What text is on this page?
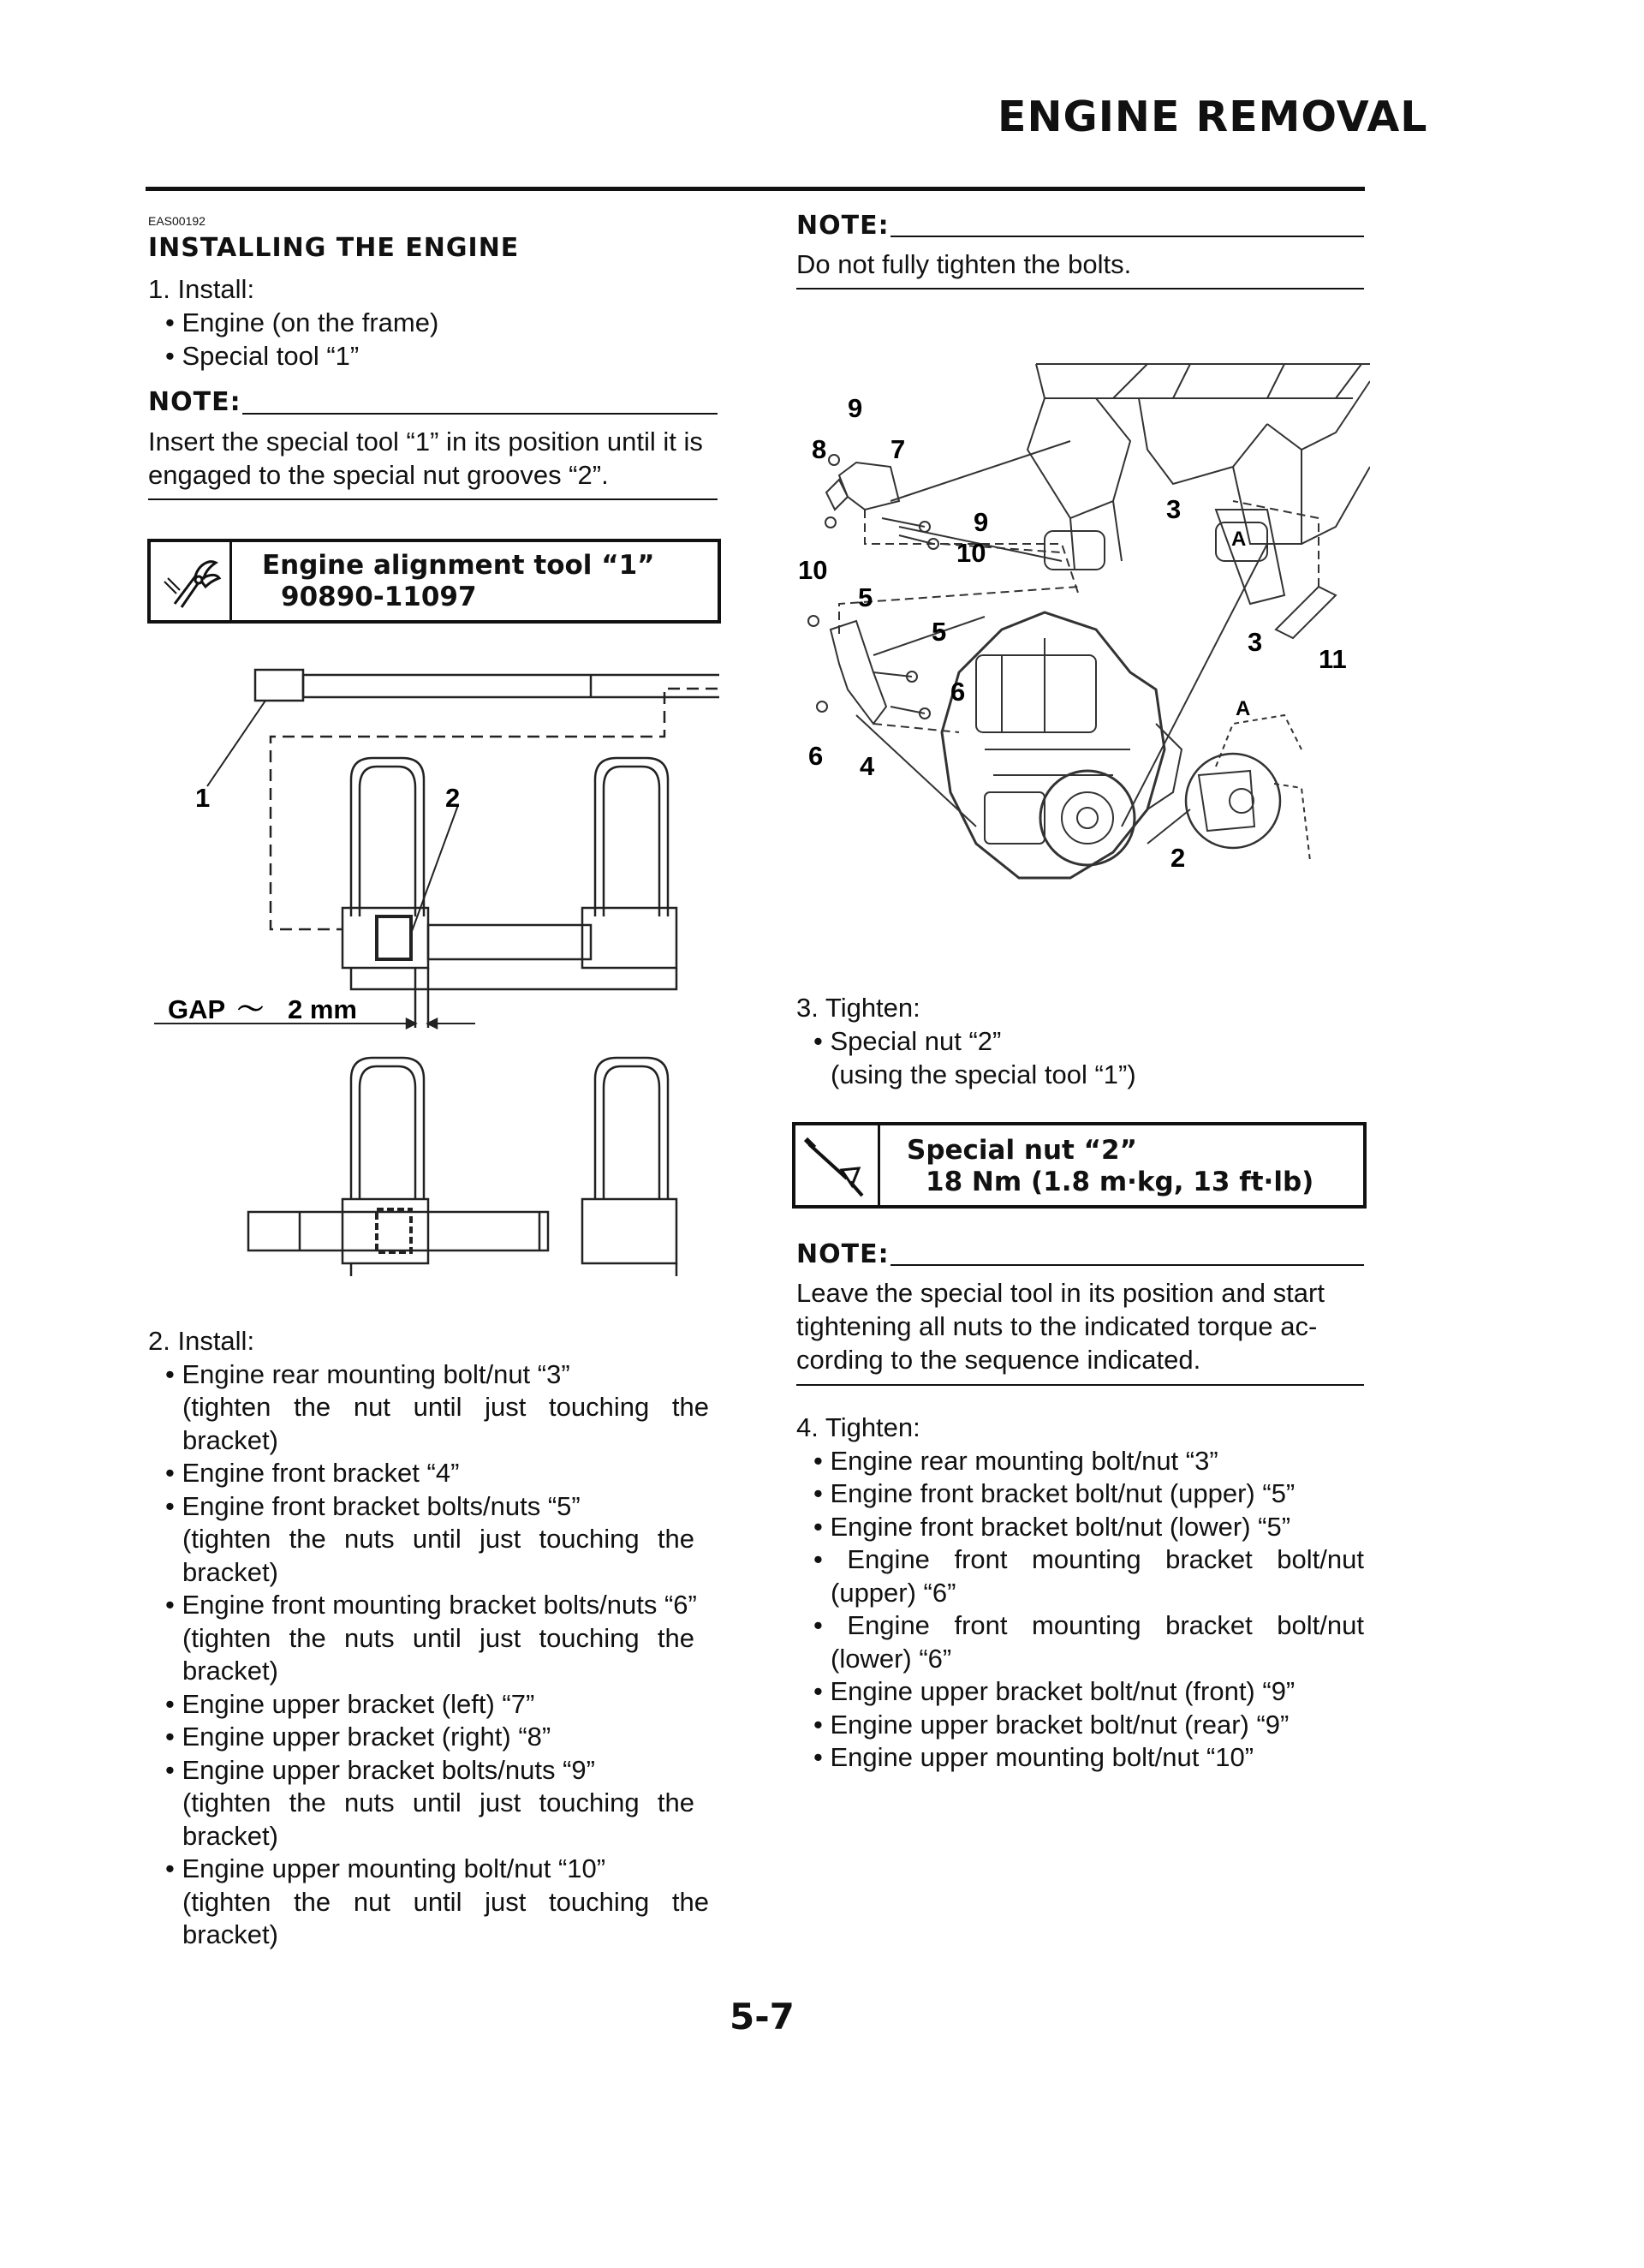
ENGINE REMOVAL
EAS00192
INSTALLING THE ENGINE
1. Install:
• Engine (on the frame)
• Special tool “1”
NOTE:
Insert the special tool “1” in its position until it is
engaged to the special nut grooves “2”.
Engine alignment tool “1”
90890-11097
1	2
GAP 〜 2 mm
2. Install:
• Engine rear mounting bolt/nut “3”
(tighten the nut until just touching the
bracket)
• Engine front bracket “4”
• Engine front bracket bolts/nuts “5”
(tighten the nuts until just touching the
bracket)
• Engine front mounting bracket bolts/nuts “6”
(tighten the nuts until just touching the
bracket)
• Engine upper bracket (left) “7”
• Engine upper bracket (right) “8”
• Engine upper bracket bolts/nuts “9”
(tighten the nuts until just touching the
bracket)
• Engine upper mounting bolt/nut “10”
(tighten the nut until just touching the
bracket)
NOTE:
Do not fully tighten the bolts.
9
8 7
9
10
10
3
A
5
5	3
11
6
A
6 4
2
3. Tighten:
• Special nut “2”
(using the special tool “1”)
Special nut “2”
18 Nm (1.8 m·kg, 13 ft·lb)
NOTE:
Leave the special tool in its position and start
tightening all nuts to the indicated torque ac-
cording to the sequence indicated.
4. Tighten:
• Engine rear mounting bolt/nut “3”
• Engine front bracket bolt/nut (upper) “5”
• Engine front bracket bolt/nut (lower) “5”
• Engine front mounting bracket bolt/nut
(upper) “6”
• Engine front mounting bracket bolt/nut
(lower) “6”
• Engine upper bracket bolt/nut (front) “9”
• Engine upper bracket bolt/nut (rear) “9”
• Engine upper mounting bolt/nut “10”
5-7
